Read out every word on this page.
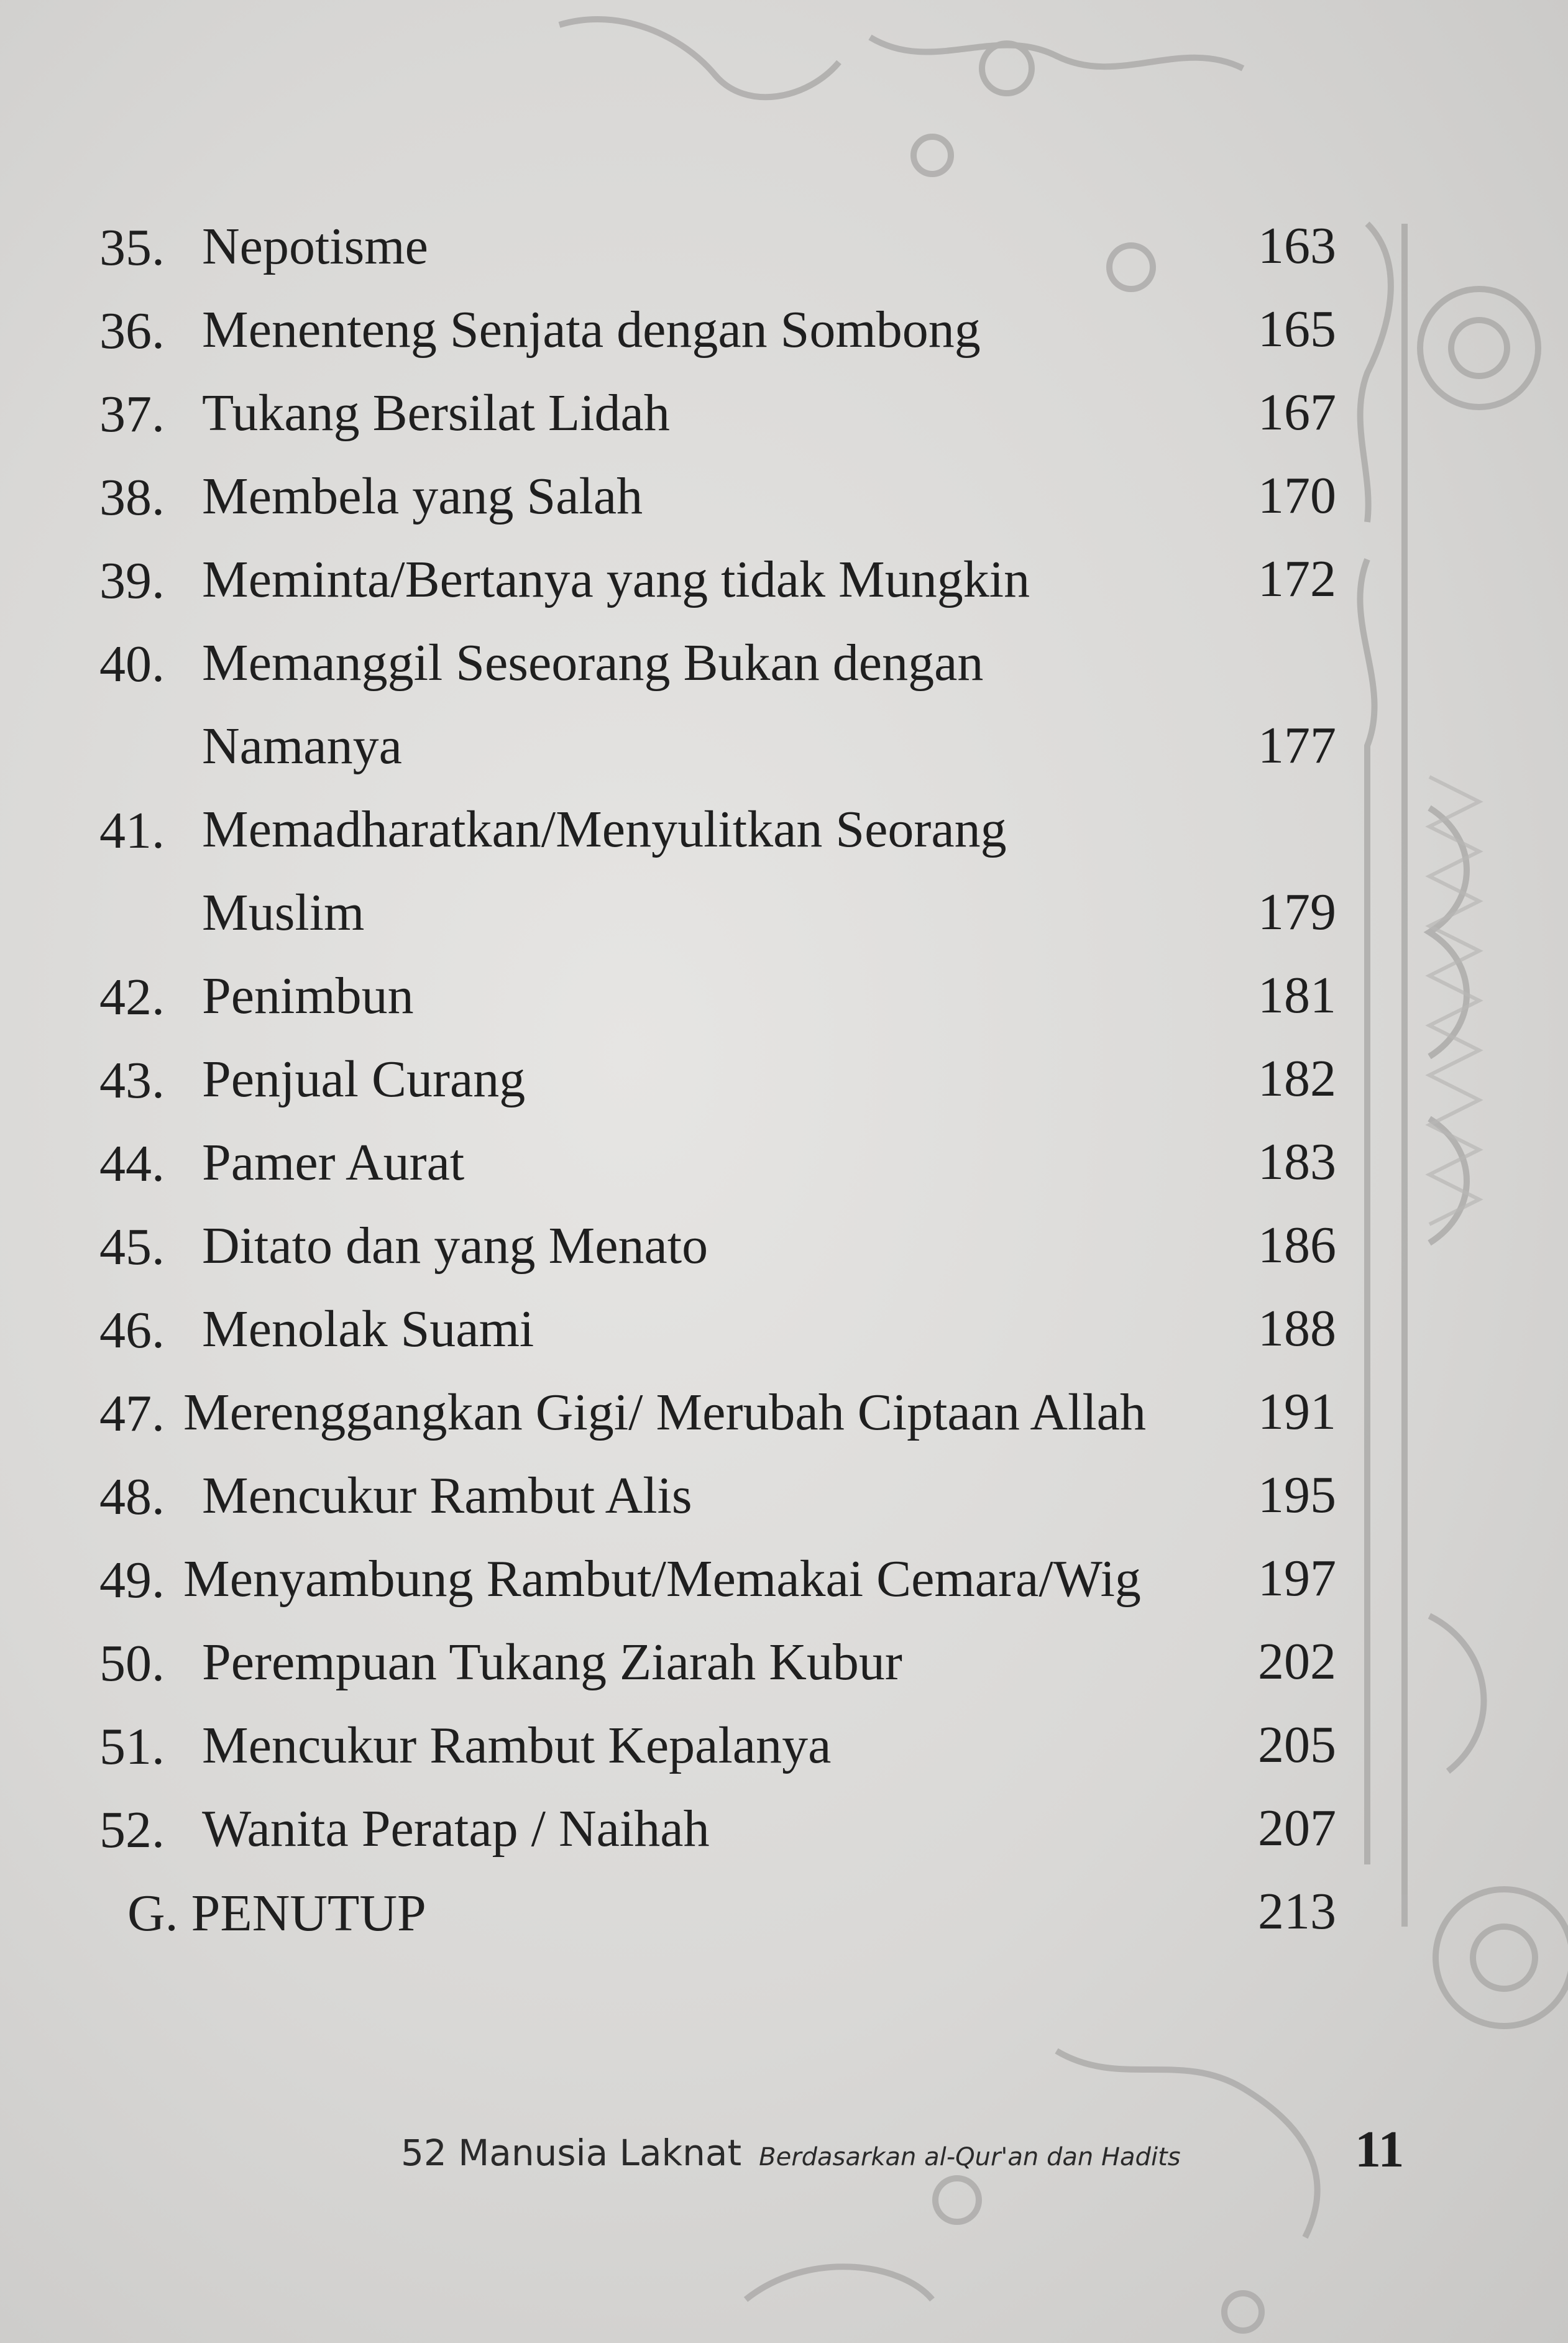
35. Nepotisme	163
36. Menenteng Senjata dengan Sombong	165
37. Tukang Bersilat Lidah	167
38. Membela yang Salah	170
39. Meminta/Bertanya yang tidak Mungkin	172
40. Memanggil Seseorang Bukan dengan
Namanya	177
41. Memadharatkan/Menyulitkan Seorang
Muslim	179
42. Penimbun	181
43. Penjual Curang	182
44. Pamer Aurat	183
45. Ditato dan yang Menato	186
46. Menolak Suami	188
47. Merenggangkan Gigi/ Merubah Ciptaan Allah	191
48. Mencukur Rambut Alis	195
49. Menyambung Rambut/Memakai Cemara/Wig	197
50. Perempuan Tukang Ziarah Kubur	202
51. Mencukur Rambut Kepalanya	205
52. Wanita Peratap / Naihah	207
G. PENUTUP	213
52 Manusia Laknat Berdasarkan al-Qur'an dan Hadits	11
